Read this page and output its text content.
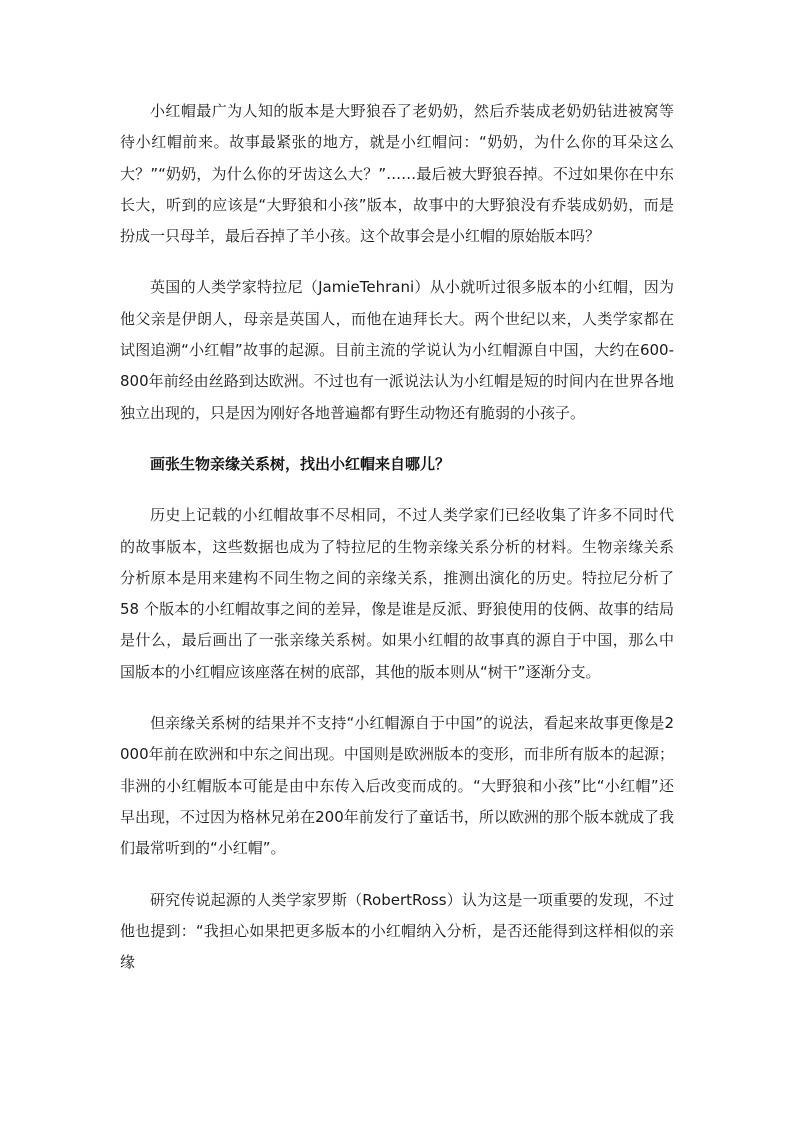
小红帽最广为人知的版本是大野狼吞了老奶奶，然后乔装成老奶奶钻进被窝等待小红帽前来。故事最紧张的地方，就是小红帽问：“奶奶，为什么你的耳朵这么大？”“奶奶，为什么你的牙齿这么大？”……最后被大野狼吞掉。不过如果你在中东长大，听到的应该是“大野狼和小孩”版本，故事中的大野狼没有乔装成奶奶，而是扮成一只母羊，最后吞掉了羊小孩。这个故事会是小红帽的原始版本吗？

英国的人类学家特拉尼（JamieTehrani）从小就听过很多版本的小红帽，因为他父亲是伊朗人，母亲是英国人，而他在迪拜长大。两个世纪以来，人类学家都在试图追溯“小红帽”故事的起源。目前主流的学说认为小红帽源自中国，大约在600-800年前经由丝路到达欧洲。不过也有一派说法认为小红帽是短的时间内在世界各地独立出现的，只是因为刚好各地普遍都有野生动物还有脆弱的小孩子。

画张生物亲缘关系树，找出小红帽来自哪儿？

历史上记载的小红帽故事不尽相同，不过人类学家们已经收集了许多不同时代的故事版本，这些数据也成为了特拉尼的生物亲缘关系分析的材料。生物亲缘关系分析原本是用来建构不同生物之间的亲缘关系，推测出演化的历史。特拉尼分析了 58 个版本的小红帽故事之间的差异，像是谁是反派、野狼使用的伎俩、故事的结局是什么，最后画出了一张亲缘关系树。如果小红帽的故事真的源自于中国，那么中国版本的小红帽应该座落在树的底部，其他的版本则从“树干”逐渐分支。

但亲缘关系树的结果并不支持“小红帽源自于中国”的说法，看起来故事更像是2000年前在欧洲和中东之间出现。中国则是欧洲版本的变形，而非所有版本的起源；非洲的小红帽版本可能是由中东传入后改变而成的。“大野狼和小孩”比“小红帽”还早出现，不过因为格林兄弟在200年前发行了童话书，所以欧洲的那个版本就成了我们最常听到的“小红帽”。

研究传说起源的人类学家罗斯（RobertRoss）认为这是一项重要的发现，不过他也提到：“我担心如果把更多版本的小红帽纳入分析，是否还能得到这样相似的亲缘
